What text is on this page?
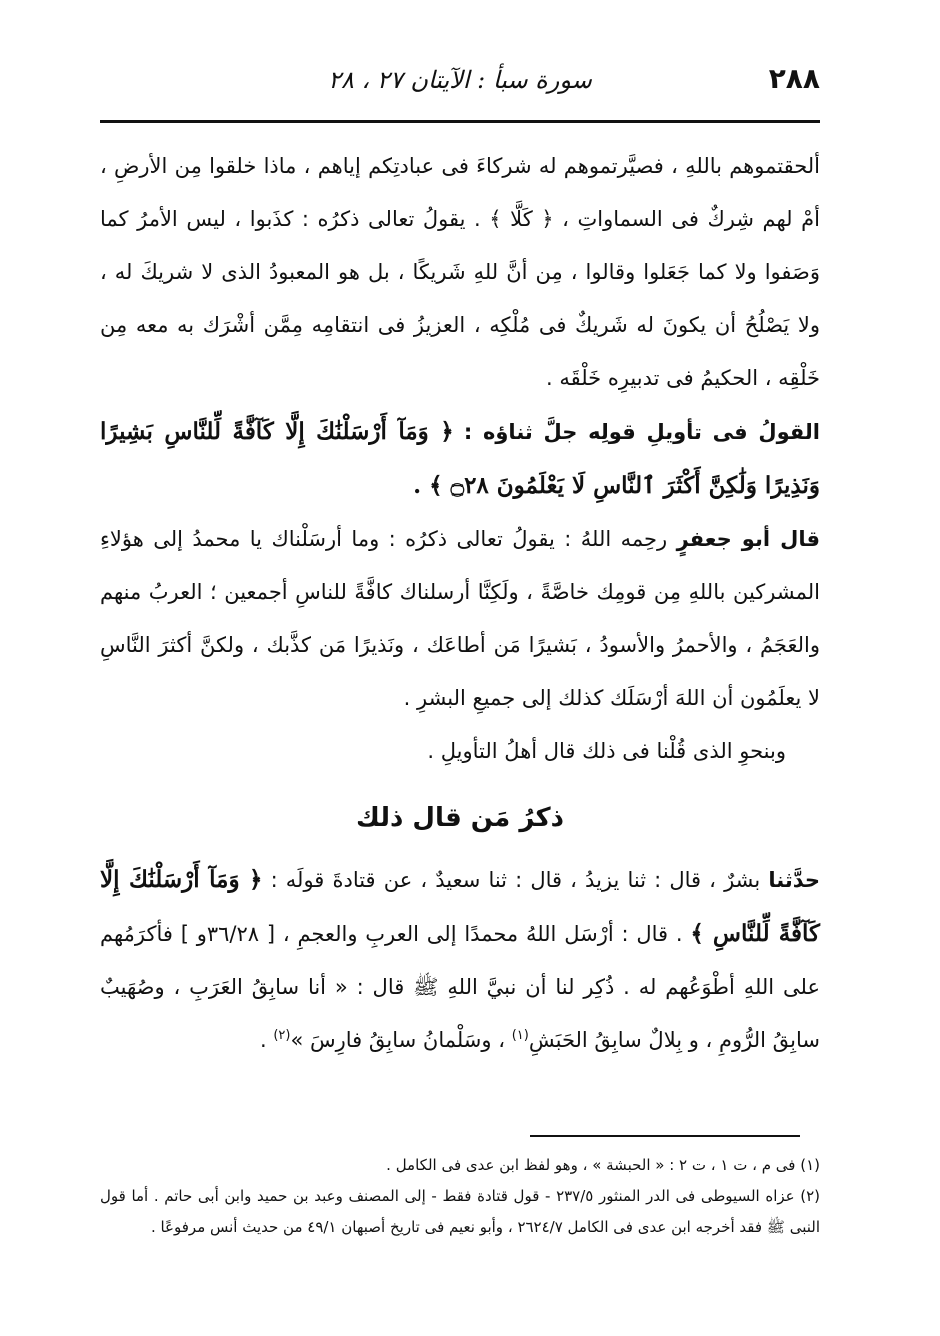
٢٨٨
سورة سبأ : الآيتان ٢٧ ، ٢٨

ألحقتموهم باللهِ ، فصيَّرتموهم له شركاءَ فى عبادتِكم إياهم ، ماذا خلقوا مِن الأرضِ ، أمْ لهم شِركٌ فى السماواتِ ، ﴿ كَلَّا ﴾ . يقولُ تعالى ذكرُه : كذَبوا ، ليس الأمرُ كما وَصَفوا ولا كما جَعَلوا وقالوا ، مِن أنَّ للهِ شَريكًا ، بل هو المعبودُ الذى لا شريكَ له ، ولا يَصْلُحُ أن يكونَ له شَريكٌ فى مُلْكِه ، العزيزُ فى انتقامِه مِمَّن أشْرَك به معه مِن خَلْقِه ، الحكيمُ فى تدبيرِه خَلْقَه .

القولُ فى تأويلِ قولِه جلَّ ثناؤه : ﴿ وَمَآ أَرْسَلْنَٰكَ إِلَّا كَآفَّةً لِّلنَّاسِ بَشِيرًا وَنَذِيرًا وَلَٰكِنَّ أَكْثَرَ ٱلنَّاسِ لَا يَعْلَمُونَ ۝٢٨ ﴾ .

قال أبو جعفرٍ رحِمه اللهُ : يقولُ تعالى ذكرُه : وما أرسَلْناك يا محمدُ إلى هؤلاءِ المشركين باللهِ مِن قومِك خاصَّةً ، ولَكِنَّا أرسلناك كافَّةً للناسِ أجمعين ؛ العربُ منهم والعَجَمُ ، والأحمرُ والأسودُ ، بَشيرًا مَن أطاعَك ، ونَذيرًا مَن كذَّبك ، ولكنَّ أكثرَ النَّاسِ لا يعلَمُون أن اللهَ أرْسَلَك كذلك إلى جميعِ البشرِ .

وبنحوِ الذى قُلْنا فى ذلك قال أهلُ التأويلِ .

ذكرُ مَن قال ذلك

حدَّثنا بشرٌ ، قال : ثنا يزيدُ ، قال : ثنا سعيدٌ ، عن قتادةَ قولَه : ﴿ وَمَآ أَرْسَلْنَٰكَ إِلَّا كَآفَّةً لِّلنَّاسِ ﴾ . قال : أرْسَل اللهُ محمدًا إلى العربِ والعجمِ ، [ ٣٦/٢٨و ] فأكرَمُهم على اللهِ أطْوَعُهم له . ذُكِر لنا أن نبيَّ اللهِ ﷺ قال : « أنا سابِقُ العَرَبِ ، وصُهَيبٌ سابِقُ الرُّومِ ، و بِلالٌ سابِقُ الحَبَشِ$^{(١)}$ ، وسَلْمانُ سابِقُ فارِسَ »$^{(٢)}$ .

(١) فى م ، ت ١ ، ت ٢ : « الحبشة » ، وهو لفظ ابن عدى فى الكامل .

(٢) عزاه السيوطى فى الدر المنثور ٢٣٧/٥ - قول قتادة فقط - إلى المصنف وعبد بن حميد وابن أبى حاتم . أما قول النبى ﷺ فقد أخرجه ابن عدى فى الكامل ٢٦٢٤/٧ ، وأبو نعيم فى تاريخ أصبهان ٤٩/١ من حديث أنس مرفوعًا .
